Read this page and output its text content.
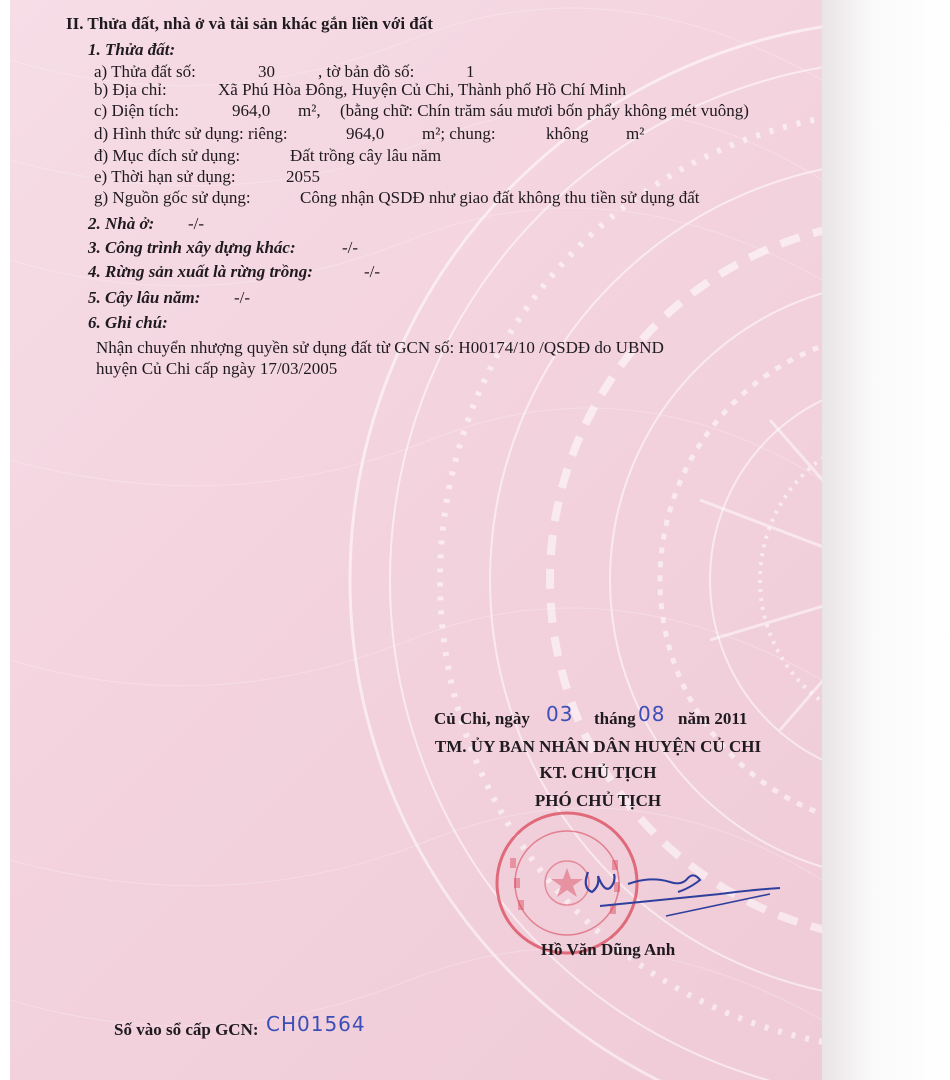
II. Thửa đất, nhà ở và tài sản khác gắn liền với đất
1. Thửa đất:
a) Thửa đất số:	30	, tờ bản đồ số:	1
b) Địa chỉ:	Xã Phú Hòa Đông, Huyện Củ Chi, Thành phố Hồ Chí Minh
c) Diện tích:	964,0 m², (bằng chữ: Chín trăm sáu mươi bốn phẩy không mét vuông)
d) Hình thức sử dụng: riêng:	964,0 m²; chung:	không m²
đ) Mục đích sử dụng:	Đất trồng cây lâu năm
e) Thời hạn sử dụng:	2055
g) Nguồn gốc sử dụng:	Công nhận QSDĐ như giao đất không thu tiền sử dụng đất
2. Nhà ở: -/-
3. Công trình xây dựng khác:	-/-
4. Rừng sản xuất là rừng trồng:	-/-
5. Cây lâu năm: -/-
6. Ghi chú:
Nhận chuyển nhượng quyền sử dụng đất từ GCN số: H00174/10 /QSDĐ do UBND
huyện Củ Chi cấp ngày 17/03/2005
Củ Chi, ngày 03 tháng 08 năm 2011
TM. ỦY BAN NHÂN DÂN HUYỆN CỦ CHI
KT. CHỦ TỊCH
PHÓ CHỦ TỊCH
Hồ Văn Dũng Anh
Số vào sổ cấp GCN: CH01564
